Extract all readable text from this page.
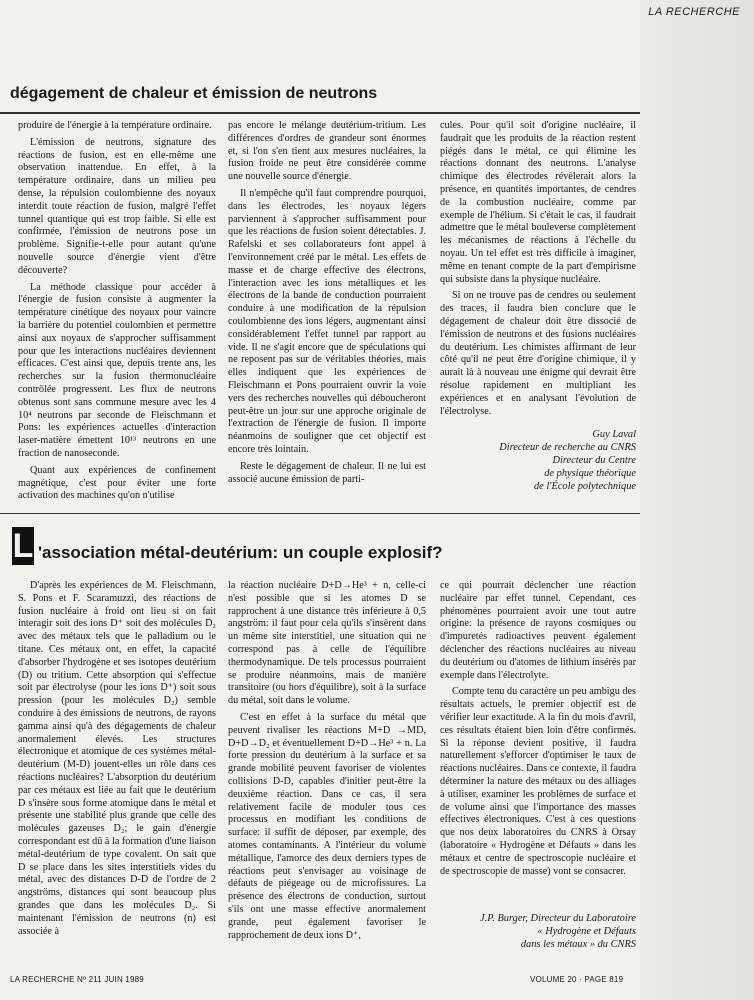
LA RECHERCHE
dégagement de chaleur et émission de neutrons

produire de l'énergie à la température ordinaire.

L'émission de neutrons, signature des réactions de fusion, est en elle-même une observation inattendue. En effet, à la température ordinaire, dans un milieu peu dense, la répulsion coulombienne des noyaux interdit toute réaction de fusion, malgré l'effet tunnel quantique qui est trop faible. Si elle est confirmée, l'émission de neutrons pose un problème. Signifie-t-elle pour autant qu'une nouvelle source d'énergie vient d'être découverte?

La méthode classique pour accéder à l'énergie de fusion consiste à augmenter la température cinétique des noyaux pour vaincre la barrière du potentiel coulombien et permettre ainsi aux noyaux de s'approcher suffisamment pour que les interactions nucléaires deviennent efficaces. C'est ainsi que, depuis trente ans, les recherches sur la fusion thermonucléaire contrôlée progressent. Les flux de neutrons obtenus sont sans commune mesure avec les 4 10⁴ neutrons par seconde de Fleischmann et Pons: les expériences actuelles d'interaction laser-matière émettent 10¹³ neutrons en une fraction de nanoseconde.

Quant aux expériences de confinement magnétique, c'est pour éviter une forte activation des machines qu'on n'utilise

pas encore le mélange deutérium-tritium. Les différences d'ordres de grandeur sont énormes et, si l'on s'en tient aux mesures nucléaires, la fusion froide ne peut être considérée comme une nouvelle source d'énergie.

Il n'empêche qu'il faut comprendre pourquoi, dans les électrodes, les noyaux légers parviennent à s'approcher suffisamment pour que les réactions de fusion soient détectables. J. Rafelski et ses collaborateurs font appel à l'environnement créé par le métal. Les effets de masse et de charge effective des électrons, l'interaction avec les ions métalliques et les électrons de la bande de conduction pourraient conduire à une modification de la répulsion coulombienne des ions légers, augmentant ainsi considérablement l'effet tunnel par rapport au vide. Il ne s'agit encore que de spéculations qui ne reposent pas sur de véritables théories, mais elles indiquent que les expériences de Fleischmann et Pons pourraient ouvrir la voie vers des recherches nouvelles qui déboucheront peut-être un jour sur une approche originale de l'extraction de l'énergie de fusion. Il importe néanmoins de souligner que cet objectif est encore très lointain.

Reste le dégagement de chaleur. Il ne lui est associé aucune émission de parti-

cules. Pour qu'il soit d'origine nucléaire, il faudrait que les produits de la réaction restent piégés dans le métal, ce qui élimine les réactions donnant des neutrons. L'analyse chimique des électrodes révèlerait alors la présence, en quantités importantes, de cendres de la combustion nucléaire, comme par exemple de l'hélium. Si c'était le cas, il faudrait admettre que le métal bouleverse complètement les mécanismes de réactions à l'échelle du noyau. Un tel effet est très difficile à imaginer, même en tenant compte de la part d'empirisme qui subsiste dans la physique nucléaire.

Si on ne trouve pas de cendres ou seulement des traces, il faudra bien conclure que le dégagement de chaleur doit être dissocié de l'émission de neutrons et des fusions nucléaires du deutérium. Les chimistes affirmant de leur côté qu'il ne peut être d'origine chimique, il y aurait là à nouveau une énigme qui devrait être résolue rapidement en multipliant les expériences et en analysant l'évolution de l'électrolyse.

Guy Laval
Directeur de recherche au CNRS
Directeur du Centre
de physique théorique
de l'École polytechnique
L 'association métal-deutérium: un couple explosif?

D'après les expériences de M. Fleischmann, S. Pons et F. Scaramuzzi, des réactions de fusion nucléaire à froid ont lieu si on fait interagir soit des ions D⁺ soit des molécules D₂ avec des métaux tels que le palladium ou le titane. Ces métaux ont, en effet, la capacité d'absorber l'hydrogène et ses isotopes deutérium (D) ou tritium. Cette absorption qui s'effectue soit par électrolyse (pour les ions D⁺) soit sous pression (pour les molécules D₂) semble conduire à des émissions de neutrons, de rayons gamma ainsi qu'à des dégagements de chaleur anormalement élevés. Les structures électronique et atomique de ces systèmes métal-deutérium (M-D) jouent-elles un rôle dans ces réactions nucléaires? L'absorption du deutérium par ces métaux est liée au fait que le deutérium D s'insère sous forme atomique dans le métal et présente une stabilité plus grande que celle des molécules gazeuses D₂; le gain d'énergie correspondant est dû à la formation d'une liaison métal-deutérium de type covalent. On sait que D se place dans les sites interstitiels vides du métal, avec des distances D-D de l'ordre de 2 angströms, distances qui sont beaucoup plus grandes que dans les molécules D₂. Si maintenant l'émission de neutrons (n) est associée à

la réaction nucléaire D+D→He³ + n, celle-ci n'est possible que si les atomes D se rapprochent à une distance très inférieure à 0,5 angström: il faut pour cela qu'ils s'insèrent dans un même site interstitiel, une situation qui ne correspond pas à celle de l'équilibre thermodynamique. De tels processus pourraient se produire néanmoins, mais de manière transitoire (ou hors d'équilibre), soit à la surface du métal, soit dans le volume.

C'est en effet à la surface du métal que peuvent rivaliser les réactions M+D →MD, D+D→D₂ et éventuellement D+D→He³ + n. La forte pression du deutérium à la surface et sa grande mobilité peuvent favoriser de violentes collisions D-D, capables d'initier peut-être la deuxième réaction. Dans ce cas, il sera relativement facile de moduler tous ces processus en modifiant les conditions de surface: il suffit de déposer, par exemple, des atomes contaminants. A l'intérieur du volume métallique, l'amorce des deux derniers types de réactions peut s'envisager au voisinage de défauts de piégeage ou de microfissures. La présence des électrons de conduction, surtout s'ils ont une masse effective anormalement grande, peut également favoriser le rapprochement de deux ions D⁺,

ce qui pourrait déclencher une réaction nucléaire par effet tunnel. Cependant, ces phénomènes pourraient avoir une tout autre origine: la présence de rayons cosmiques ou d'impuretés radioactives peuvent également déclencher des réactions nucléaires au niveau du deutérium ou d'atomes de lithium insérés par exemple dans l'électrolyte.

Compte tenu du caractère un peu ambigu des résultats actuels, le premier objectif est de vérifier leur exactitude. A la fin du mois d'avril, ces résultats étaient bien loin d'être confirmés. Si la réponse devient positive, il faudra naturellement s'efforcer d'optimiser le taux de réactions nucléaires. Dans ce contexte, il faudra déterminer la nature des métaux ou des alliages à utiliser, examiner les problèmes de surface et de volume ainsi que l'importance des masses effectives électroniques. C'est à ces questions que nos deux laboratoires du CNRS à Orsay (laboratoire « Hydrogène et Défauts » dans les métaux et centre de spectroscopie nucléaire et de spectroscopie de masse) vont se consacrer.

J.P. Burger, Directeur du Laboratoire
« Hydrogène et Défauts
dans les métaux » du CNRS
LA RECHERCHE Nº 211 JUIN 1989	VOLUME 20 · PAGE 819
